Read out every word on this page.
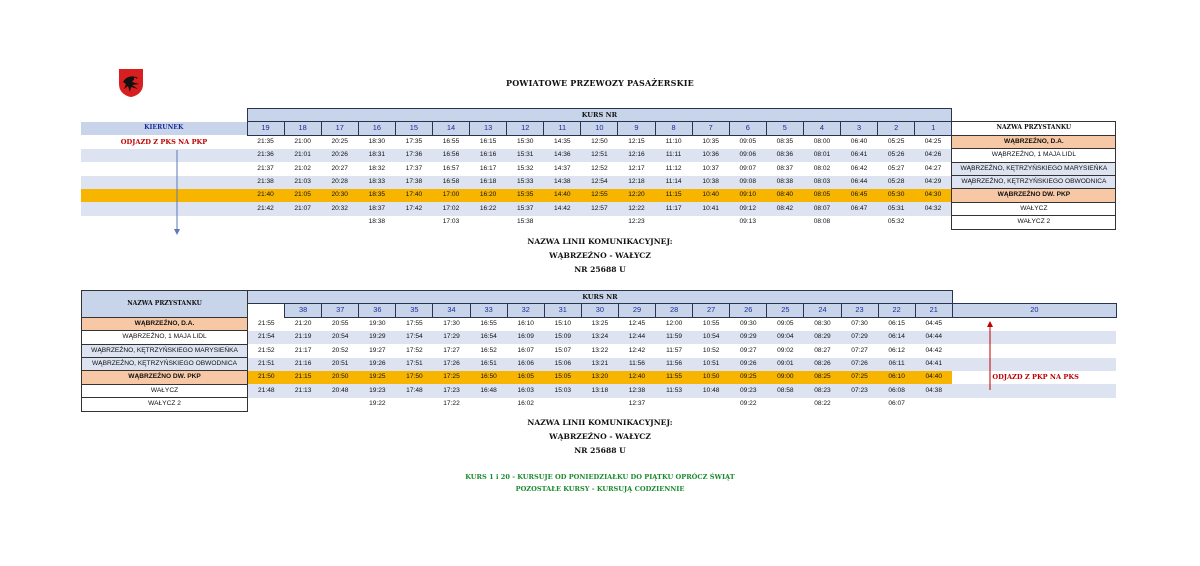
POWIATOWE PRZEWOZY PASAŻERSKIE
	KURS NR																			
KIERUNEK	19	18	17	16	15	14	13	12	11	10	9	8	7	6	5	4	3	2	1	NAZWA PRZYSTANKU
ODJAZD Z PKS NA PKP	21:35	21:00	20:25	18:30	17:35	16:55	16:15	15:30	14:35	12:50	12:15	11:10	10:35	09:05	08:35	08:00	06:40	05:25	04:25	WĄBRZEŹNO, D.A.
	21:36	21:01	20:26	18:31	17:36	16:56	16:16	15:31	14:36	12:51	12:16	11:11	10:36	09:06	08:36	08:01	06:41	05:26	04:26	WĄBRZEŹNO, 1 MAJA LIDL
	21:37	21:02	20:27	18:32	17:37	16:57	16:17	15:32	14:37	12:52	12:17	11:12	10:37	09:07	08:37	08:02	06:42	05:27	04:27	WĄBRZEŹNO, KĘTRZYŃSKIEGO MARYSIEŃKA
	21:38	21:03	20:28	18:33	17:38	16:58	16:18	15:33	14:38	12:54	12:18	11:14	10:38	09:08	08:38	08:03	06:44	05:28	04:29	WĄBRZEŹNO, KĘTRZYŃSKIEGO OBWODNICA
	21:40	21:05	20:30	18:35	17:40	17:00	16:20	15:35	14:40	12:55	12:20	11:15	10:40	09:10	08:40	08:05	06:45	05:30	04:30	WĄBRZEŹNO DW. PKP
	21:42	21:07	20:32	18:37	17:42	17:02	16:22	15:37	14:42	12:57	12:22	11:17	10:41	09:12	08:42	08:07	06:47	05:31	04:32	WAŁYCZ
				18:38		17:03		15:38			12:23			09:13		08:08		05:32		WAŁYCZ 2
NAZWA LINII KOMUNIKACYJNEJ:
WĄBRZEŹNO - WAŁYCZ
NR 25688 U
NAZWA PRZYSTANKU	KURS NR																			
		38	37	36	35	34	33	32	31	30	29	28	27	26	25	24	23	22	21	20
WĄBRZEŹNO, D.A.	21:55	21:20	20:55	19:30	17:55	17:30	16:55	16:10	15:10	13:25	12:45	12:00	10:55	09:30	09:05	08:30	07:30	06:15	04:45	
WĄBRZEŹNO, 1 MAJA LIDL	21:54	21:19	20:54	19:29	17:54	17:29	16:54	16:09	15:09	13:24	12:44	11:59	10:54	09:29	09:04	08:29	07:29	06:14	04:44	
WĄBRZEŹNO, KĘTRZYŃSKIEGO MARYSIEŃKA	21:52	21:17	20:52	19:27	17:52	17:27	16:52	16:07	15:07	13:22	12:42	11:57	10:52	09:27	09:02	08:27	07:27	06:12	04:42	
WĄBRZEŹNO, KĘTRZYŃSKIEGO OBWODNICA	21:51	21:16	20:51	19:26	17:51	17:26	16:51	16:06	15:06	13:21	11:56	11:56	10:51	09:26	09:01	08:26	07:26	06:11	04:41	
WĄBRZEŹNO DW. PKP	21:50	21:15	20:50	19:25	17:50	17:25	16:50	16:05	15:05	13:20	12:40	11:55	10:50	09:25	09:00	08:25	07:25	06:10	04:40	ODJAZD Z PKP NA PKS
WAŁYCZ	21:48	21:13	20:48	19:23	17:48	17:23	16:48	16:03	15:03	13:18	12:38	11:53	10:48	09:23	08:58	08:23	07:23	06:08	04:38	
WAŁYCZ 2				19:22		17:22		16:02			12:37			09:22		08:22		06:07		
NAZWA LINII KOMUNIKACYJNEJ:
WĄBRZEŹNO - WAŁYCZ
NR 25688 U
KURS 1 i 20 - KURSUJE OD PONIEDZIAŁKU DO PIĄTKU OPRÓCZ ŚWIĄT
POZOSTAŁE KURSY - KURSUJĄ CODZIENNIE
